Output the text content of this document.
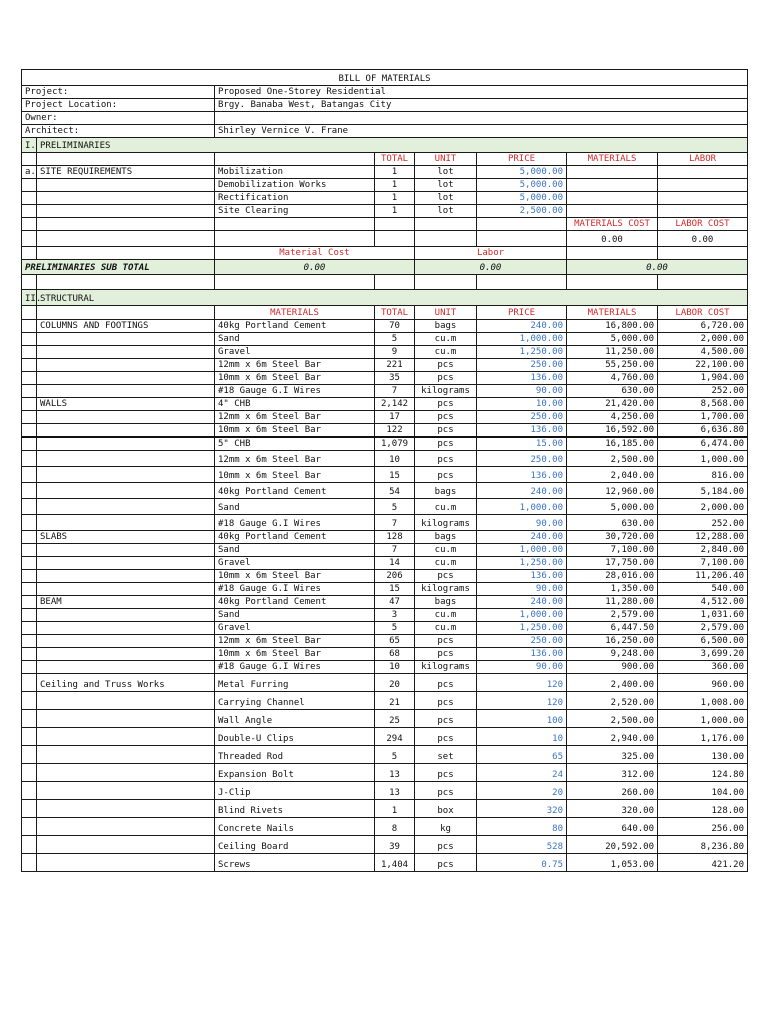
BILL OF MATERIALS							
Project:		Proposed One-Storey Residential					
Project Location:		Brgy. Banaba West, Batangas City					
Owner:							
Architect:		Shirley Vernice V. Frane					
I.	PRELIMINARIES						
			TOTAL	UNIT	PRICE	MATERIALS	LABOR
a.	SITE REQUIREMENTS	Mobilization	1	lot	5,000.00		
		Demobilization Works	1	lot	5,000.00		
		Rectification	1	lot	5,000.00		
		Site Clearing	1	lot	2,500.00		
						MATERIALS COST	LABOR COST
						0.00	0.00
		Material Cost		Labor			
PRELIMINARIES SUB TOTAL		0.00		0.00		0.00	

II.	STRUCTURAL						
		MATERIALS	TOTAL	UNIT	PRICE	MATERIALS	LABOR COST
	COLUMNS AND FOOTINGS	40kg Portland Cement	70	bags	240.00	16,800.00	6,720.00
		Sand	5	cu.m	1,000.00	5,000.00	2,000.00
		Gravel	9	cu.m	1,250.00	11,250.00	4,500.00
		12mm x 6m Steel Bar	221	pcs	250.00	55,250.00	22,100.00
		10mm x 6m Steel Bar	35	pcs	136.00	4,760.00	1,904.00
		#18 Gauge G.I Wires	7	kilograms	90.00	630.00	252.00
	WALLS	4" CHB	2,142	pcs	10.00	21,420.00	8,568.00
		12mm x 6m Steel Bar	17	pcs	250.00	4,250.00	1,700.00
		10mm x 6m Steel Bar	122	pcs	136.00	16,592.00	6,636.80
		5" CHB	1,079	pcs	15.00	16,185.00	6,474.00
		12mm x 6m Steel Bar	10	pcs	250.00	2,500.00	1,000.00
		10mm x 6m Steel Bar	15	pcs	136.00	2,040.00	816.00
		40kg Portland Cement	54	bags	240.00	12,960.00	5,184.00
		Sand	5	cu.m	1,000.00	5,000.00	2,000.00
		#18 Gauge G.I Wires	7	kilograms	90.00	630.00	252.00
	SLABS	40kg Portland Cement	128	bags	240.00	30,720.00	12,288.00
		Sand	7	cu.m	1,000.00	7,100.00	2,840.00
		Gravel	14	cu.m	1,250.00	17,750.00	7,100.00
		10mm x 6m Steel Bar	206	pcs	136.00	28,016.00	11,206.40
		#18 Gauge G.I Wires	15	kilograms	90.00	1,350.00	540.00
	BEAM	40kg Portland Cement	47	bags	240.00	11,280.00	4,512.00
		Sand	3	cu.m	1,000.00	2,579.00	1,031.60
		Gravel	5	cu.m	1,250.00	6,447.50	2,579.00
		12mm x 6m Steel Bar	65	pcs	250.00	16,250.00	6,500.00
		10mm x 6m Steel Bar	68	pcs	136.00	9,248.00	3,699.20
		#18 Gauge G.I Wires	10	kilograms	90.00	900.00	360.00
	Ceiling and Truss Works	Metal Furring	20	pcs	120	2,400.00	960.00
		Carrying Channel	21	pcs	120	2,520.00	1,008.00
		Wall Angle	25	pcs	100	2,500.00	1,000.00
		Double-U Clips	294	pcs	10	2,940.00	1,176.00
		Threaded Rod	5	set	65	325.00	130.00
		Expansion Bolt	13	pcs	24	312.00	124.80
		J-Clip	13	pcs	20	260.00	104.00
		Blind Rivets	1	box	320	320.00	128.00
		Concrete Nails	8	kg	80	640.00	256.00
		Ceiling Board	39	pcs	528	20,592.00	8,236.80
		Screws	1,404	pcs	0.75	1,053.00	421.20
